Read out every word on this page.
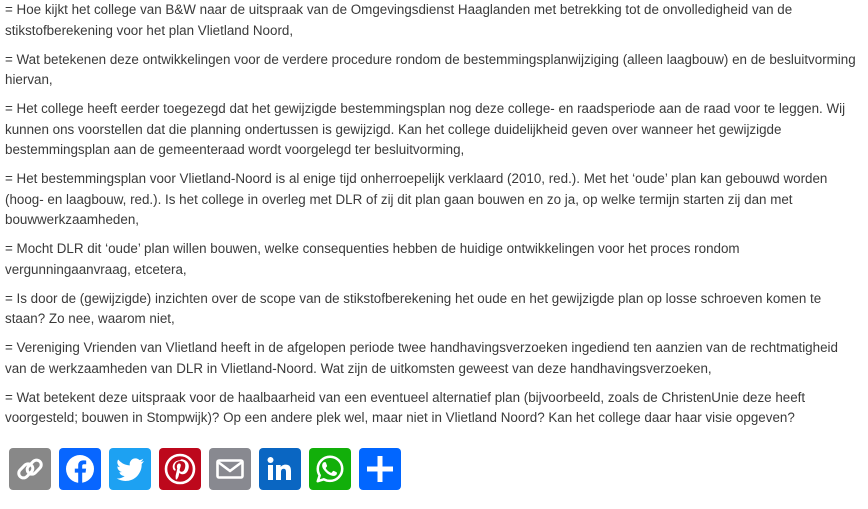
= Hoe kijkt het college van B&W naar de uitspraak van de Omgevingsdienst Haaglanden met betrekking tot de onvolledigheid van de stikstofberekening voor het plan Vlietland Noord,

= Wat betekenen deze ontwikkelingen voor de verdere procedure rondom de bestemmingsplanwijziging (alleen laagbouw) en de besluitvorming hiervan,

= Het college heeft eerder toegezegd dat het gewijzigde bestemmingsplan nog deze college- en raadsperiode aan de raad voor te leggen. Wij kunnen ons voorstellen dat die planning ondertussen is gewijzigd. Kan het college duidelijkheid geven over wanneer het gewijzigde bestemmingsplan aan de gemeenteraad wordt voorgelegd ter besluitvorming,

= Het bestemmingsplan voor Vlietland-Noord is al enige tijd onherroepelijk verklaard (2010, red.). Met het ‘oude’ plan kan gebouwd worden (hoog- en laagbouw, red.). Is het college in overleg met DLR of zij dit plan gaan bouwen en zo ja, op welke termijn starten zij dan met bouwwerkzaamheden,

= Mocht DLR dit ‘oude’ plan willen bouwen, welke consequenties hebben de huidige ontwikkelingen voor het proces rondom vergunningaanvraag, etcetera,

= Is door de (gewijzigde) inzichten over de scope van de stikstofberekening het oude en het gewijzigde plan op losse schroeven komen te staan? Zo nee, waarom niet,

= Vereniging Vrienden van Vlietland heeft in de afgelopen periode twee handhavingsverzoeken ingediend ten aanzien van de rechtmatigheid van de werkzaamheden van DLR in Vlietland-Noord. Wat zijn de uitkomsten geweest van deze handhavingsverzoeken,

= Wat betekent deze uitspraak voor de haalbaarheid van een eventueel alternatief plan (bijvoorbeeld, zoals de ChristenUnie deze heeft voorgesteld; bouwen in Stompwijk)? Op een andere plek wel, maar niet in Vlietland Noord? Kan het college daar haar visie opgeven?
